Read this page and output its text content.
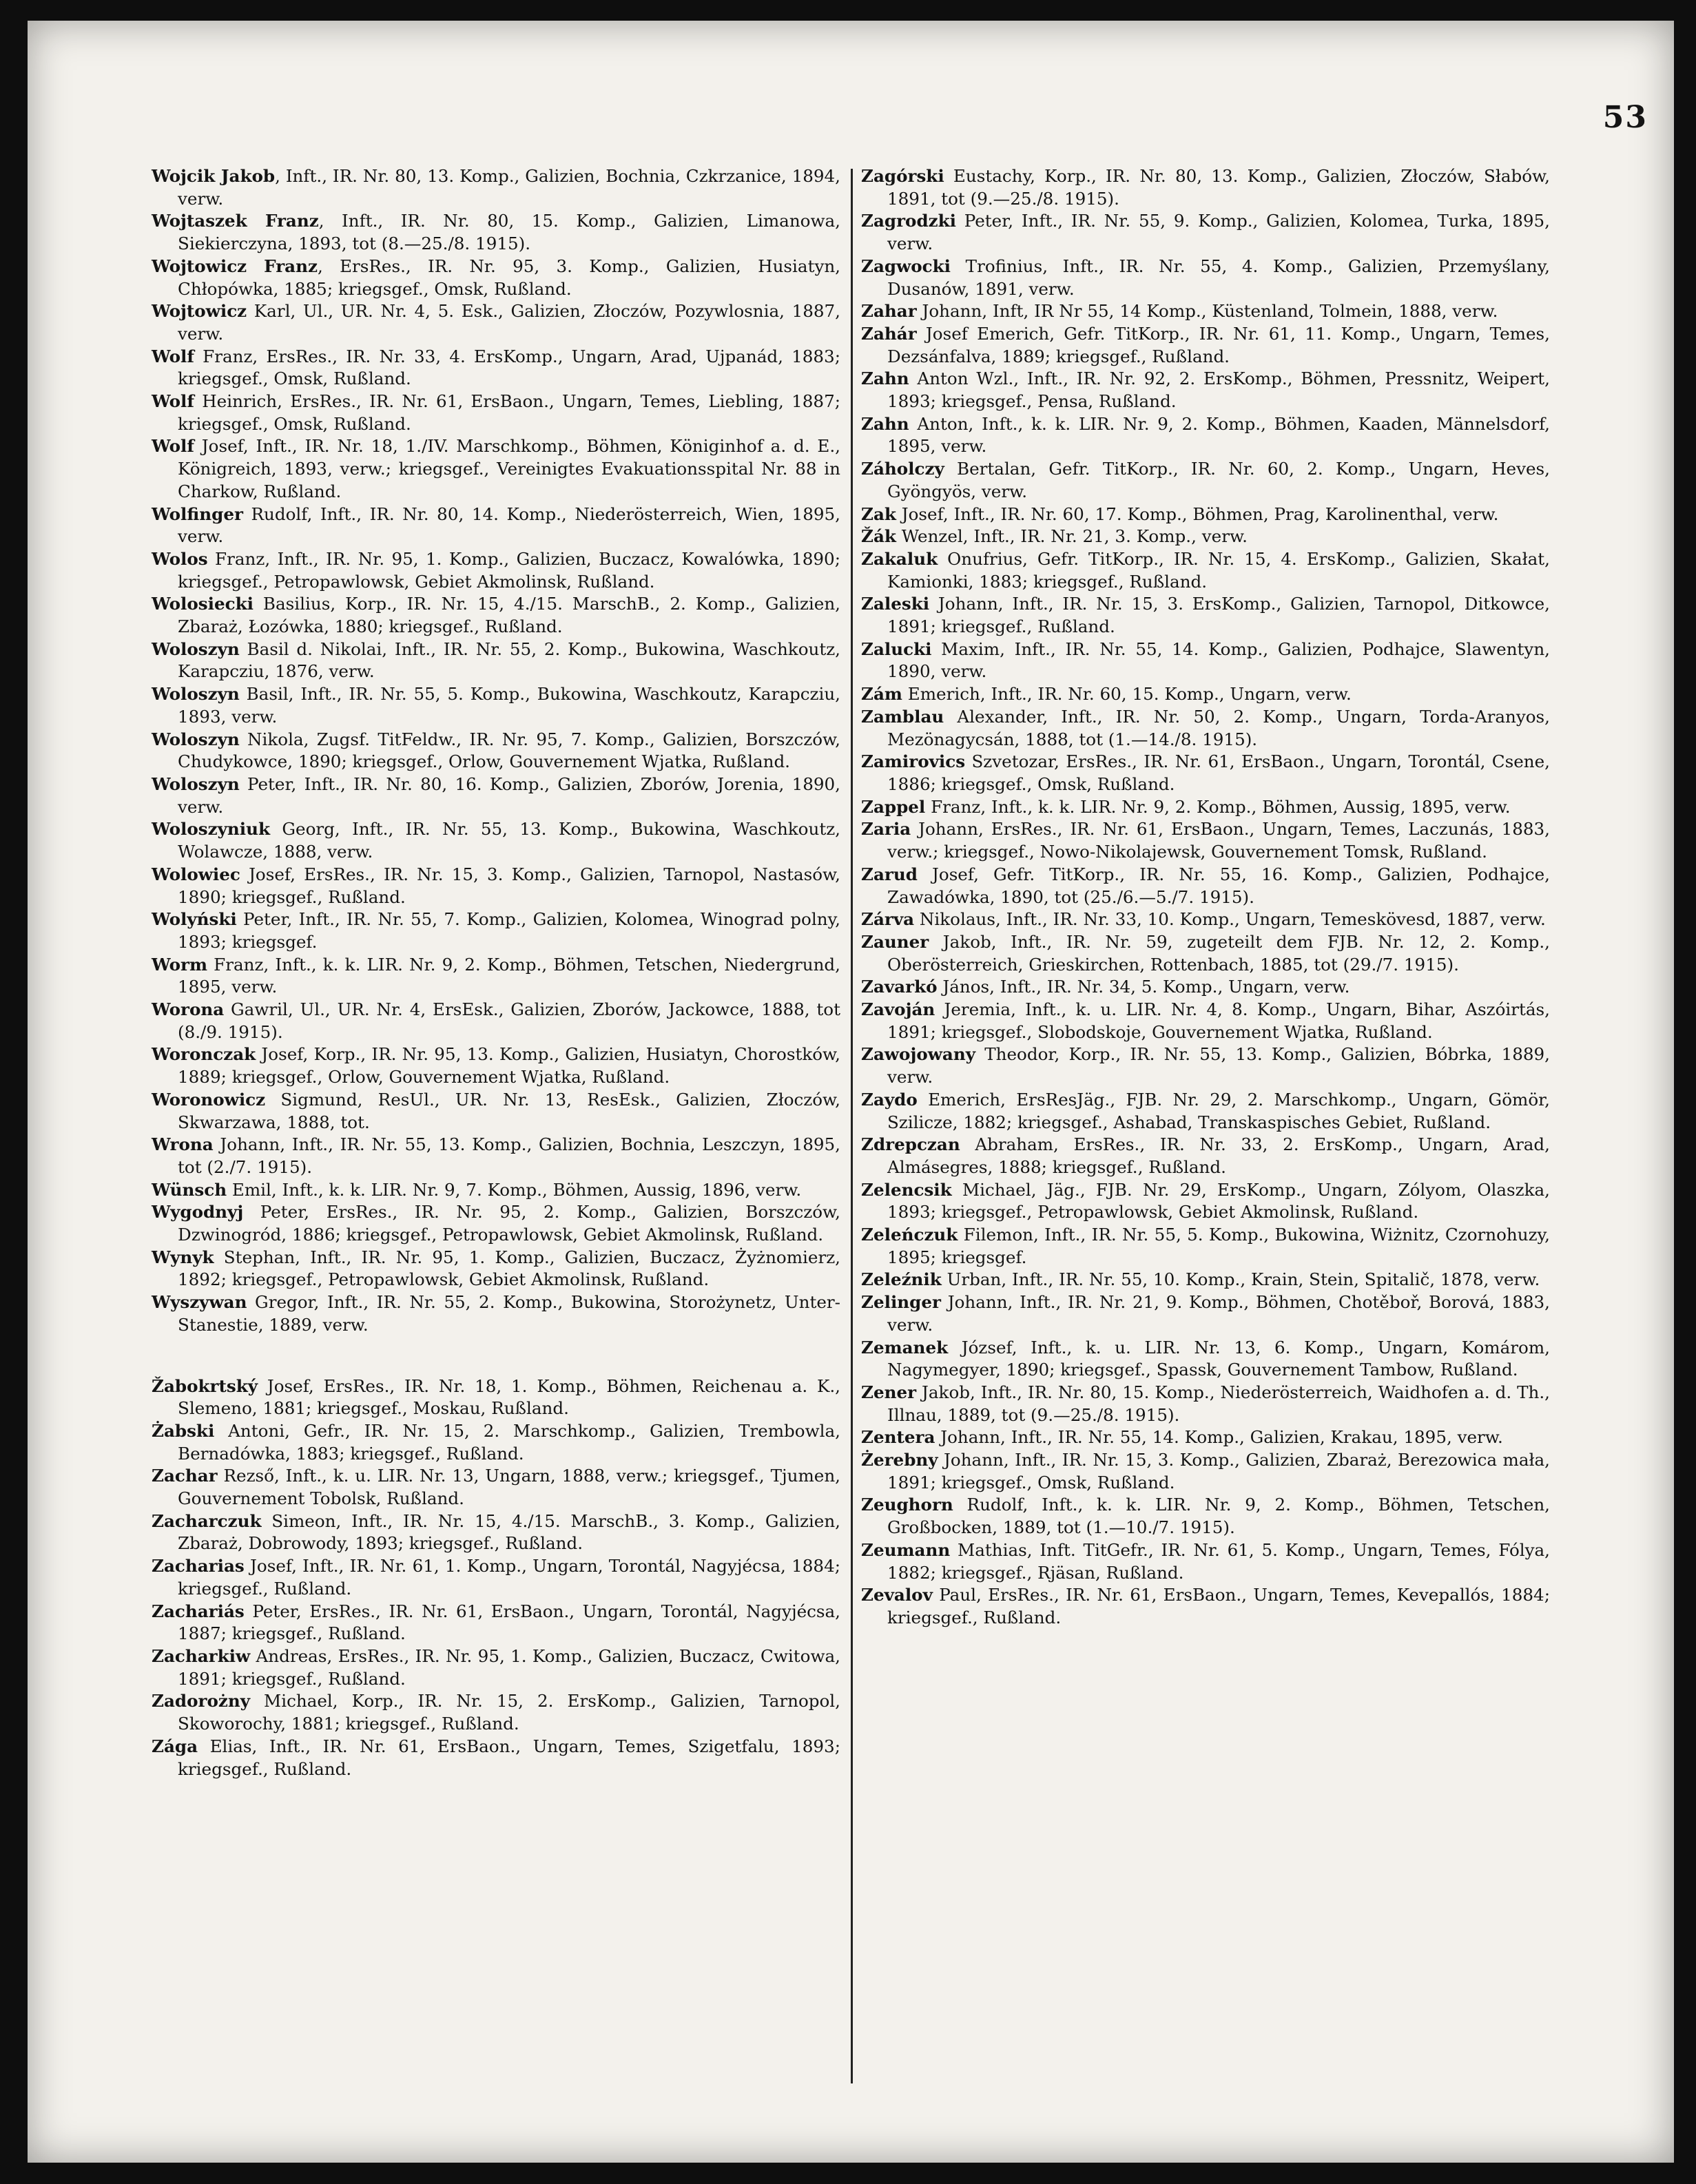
53
Wojcik Jakob, Inft., IR. Nr. 80, 13. Komp., Galizien, Bochnia, Czkrzanice, 1894, verw.
Wojtaszek Franz, Inft., IR. Nr. 80, 15. Komp., Galizien, Limanowa, Siekierczyna, 1893, tot (8.—25./8. 1915).
Wojtowicz Franz, ErsRes., IR. Nr. 95, 3. Komp., Galizien, Husiatyn, Chłopówka, 1885; kriegsgef., Omsk, Rußland.
Wojtowicz Karl, Ul., UR. Nr. 4, 5. Esk., Galizien, Złoczów, Pozywlosnia, 1887, verw.
Wolf Franz, ErsRes., IR. Nr. 33, 4. ErsKomp., Ungarn, Arad, Ujpanád, 1883; kriegsgef., Omsk, Rußland.
Wolf Heinrich, ErsRes., IR. Nr. 61, ErsBaon., Ungarn, Temes, Liebling, 1887; kriegsgef., Omsk, Rußland.
Wolf Josef, Inft., IR. Nr. 18, 1./IV. Marschkomp., Böhmen, Königinhof a. d. E., Königreich, 1893, verw.; kriegsgef., Vereinigtes Evakuationsspital Nr. 88 in Charkow, Rußland.
Wolfinger Rudolf, Inft., IR. Nr. 80, 14. Komp., Niederösterreich, Wien, 1895, verw.
Wolos Franz, Inft., IR. Nr. 95, 1. Komp., Galizien, Buczacz, Kowalówka, 1890; kriegsgef., Petropawlowsk, Gebiet Akmolinsk, Rußland.
Wolosiecki Basilius, Korp., IR. Nr. 15, 4./15. MarschB., 2. Komp., Galizien, Zbaraż, Łozówka, 1880; kriegsgef., Rußland.
Woloszyn Basil d. Nikolai, Inft., IR. Nr. 55, 2. Komp., Bukowina, Waschkoutz, Karapcziu, 1876, verw.
Woloszyn Basil, Inft., IR. Nr. 55, 5. Komp., Bukowina, Waschkoutz, Karapcziu, 1893, verw.
Woloszyn Nikola, Zugsf. TitFeldw., IR. Nr. 95, 7. Komp., Galizien, Borszczów, Chudykowce, 1890; kriegsgef., Orlow, Gouvernement Wjatka, Rußland.
Woloszyn Peter, Inft., IR. Nr. 80, 16. Komp., Galizien, Zborów, Jorenia, 1890, verw.
Woloszyniuk Georg, Inft., IR. Nr. 55, 13. Komp., Bukowina, Waschkoutz, Wolawcze, 1888, verw.
Wolowiec Josef, ErsRes., IR. Nr. 15, 3. Komp., Galizien, Tarnopol, Nastasów, 1890; kriegsgef., Rußland.
Wolyński Peter, Inft., IR. Nr. 55, 7. Komp., Galizien, Kolomea, Winograd polny, 1893; kriegsgef.
Worm Franz, Inft., k. k. LIR. Nr. 9, 2. Komp., Böhmen, Tetschen, Niedergrund, 1895, verw.
Worona Gawril, Ul., UR. Nr. 4, ErsEsk., Galizien, Zborów, Jackowce, 1888, tot (8./9. 1915).
Woronczak Josef, Korp., IR. Nr. 95, 13. Komp., Galizien, Husiatyn, Chorostków, 1889; kriegsgef., Orlow, Gouvernement Wjatka, Rußland.
Woronowicz Sigmund, ResUl., UR. Nr. 13, ResEsk., Galizien, Złoczów, Skwarzawa, 1888, tot.
Wrona Johann, Inft., IR. Nr. 55, 13. Komp., Galizien, Bochnia, Leszczyn, 1895, tot (2./7. 1915).
Wünsch Emil, Inft., k. k. LIR. Nr. 9, 7. Komp., Böhmen, Aussig, 1896, verw.
Wygodnyj Peter, ErsRes., IR. Nr. 95, 2. Komp., Galizien, Borszczów, Dzwinogród, 1886; kriegsgef., Petropawlowsk, Gebiet Akmolinsk, Rußland.
Wynyk Stephan, Inft., IR. Nr. 95, 1. Komp., Galizien, Buczacz, Żyżnomierz, 1892; kriegsgef., Petropawlowsk, Gebiet Akmolinsk, Rußland.
Wyszywan Gregor, Inft., IR. Nr. 55, 2. Komp., Bukowina, Storożynetz, Unter-Stanestie, 1889, verw.
Žabokrtský Josef, ErsRes., IR. Nr. 18, 1. Komp., Böhmen, Reichenau a. K., Slemeno, 1881; kriegsgef., Moskau, Rußland.
Żabski Antoni, Gefr., IR. Nr. 15, 2. Marschkomp., Galizien, Trembowla, Bernadówka, 1883; kriegsgef., Rußland.
Zachar Rezső, Inft., k. u. LIR. Nr. 13, Ungarn, 1888, verw.; kriegsgef., Tjumen, Gouvernement Tobolsk, Rußland.
Zacharczuk Simeon, Inft., IR. Nr. 15, 4./15. MarschB., 3. Komp., Galizien, Zbaraż, Dobrowody, 1893; kriegsgef., Rußland.
Zacharias Josef, Inft., IR. Nr. 61, 1. Komp., Ungarn, Torontál, Nagyjécsa, 1884; kriegsgef., Rußland.
Zachariás Peter, ErsRes., IR. Nr. 61, ErsBaon., Ungarn, Torontál, Nagyjécsa, 1887; kriegsgef., Rußland.
Zacharkiw Andreas, ErsRes., IR. Nr. 95, 1. Komp., Galizien, Buczacz, Cwitowa, 1891; kriegsgef., Rußland.
Zadorożny Michael, Korp., IR. Nr. 15, 2. ErsKomp., Galizien, Tarnopol, Skoworochy, 1881; kriegsgef., Rußland.
Zága Elias, Inft., IR. Nr. 61, ErsBaon., Ungarn, Temes, Szigetfalu, 1893; kriegsgef., Rußland.
Zagórski Eustachy, Korp., IR. Nr. 80, 13. Komp., Galizien, Złoczów, Słabów, 1891, tot (9.—25./8. 1915).
Zagrodzki Peter, Inft., IR. Nr. 55, 9. Komp., Galizien, Kolomea, Turka, 1895, verw.
Zagwocki Trofinius, Inft., IR. Nr. 55, 4. Komp., Galizien, Przemyślany, Dusanów, 1891, verw.
Zahar Johann, Inft, IR Nr 55, 14 Komp., Küstenland, Tolmein, 1888, verw.
Zahár Josef Emerich, Gefr. TitKorp., IR. Nr. 61, 11. Komp., Ungarn, Temes, Dezsánfalva, 1889; kriegsgef., Rußland.
Zahn Anton Wzl., Inft., IR. Nr. 92, 2. ErsKomp., Böhmen, Pressnitz, Weipert, 1893; kriegsgef., Pensa, Rußland.
Zahn Anton, Inft., k. k. LIR. Nr. 9, 2. Komp., Böhmen, Kaaden, Männelsdorf, 1895, verw.
Záholczy Bertalan, Gefr. TitKorp., IR. Nr. 60, 2. Komp., Ungarn, Heves, Gyöngyös, verw.
Zak Josef, Inft., IR. Nr. 60, 17. Komp., Böhmen, Prag, Karolinenthal, verw.
Žák Wenzel, Inft., IR. Nr. 21, 3. Komp., verw.
Zakaluk Onufrius, Gefr. TitKorp., IR. Nr. 15, 4. ErsKomp., Galizien, Skałat, Kamionki, 1883; kriegsgef., Rußland.
Zaleski Johann, Inft., IR. Nr. 15, 3. ErsKomp., Galizien, Tarnopol, Ditkowce, 1891; kriegsgef., Rußland.
Zalucki Maxim, Inft., IR. Nr. 55, 14. Komp., Galizien, Podhajce, Slawentyn, 1890, verw.
Zám Emerich, Inft., IR. Nr. 60, 15. Komp., Ungarn, verw.
Zamblau Alexander, Inft., IR. Nr. 50, 2. Komp., Ungarn, Torda-Aranyos, Mezönagycsán, 1888, tot (1.—14./8. 1915).
Zamirovics Szvetozar, ErsRes., IR. Nr. 61, ErsBaon., Ungarn, Torontál, Csene, 1886; kriegsgef., Omsk, Rußland.
Zappel Franz, Inft., k. k. LIR. Nr. 9, 2. Komp., Böhmen, Aussig, 1895, verw.
Zaria Johann, ErsRes., IR. Nr. 61, ErsBaon., Ungarn, Temes, Laczunás, 1883, verw.; kriegsgef., Nowo-Nikolajewsk, Gouvernement Tomsk, Rußland.
Zarud Josef, Gefr. TitKorp., IR. Nr. 55, 16. Komp., Galizien, Podhajce, Zawadówka, 1890, tot (25./6.—5./7. 1915).
Zárva Nikolaus, Inft., IR. Nr. 33, 10. Komp., Ungarn, Temeskövesd, 1887, verw.
Zauner Jakob, Inft., IR. Nr. 59, zugeteilt dem FJB. Nr. 12, 2. Komp., Oberösterreich, Grieskirchen, Rottenbach, 1885, tot (29./7. 1915).
Zavarkó János, Inft., IR. Nr. 34, 5. Komp., Ungarn, verw.
Zavoján Jeremia, Inft., k. u. LIR. Nr. 4, 8. Komp., Ungarn, Bihar, Aszóirtás, 1891; kriegsgef., Slobodskoje, Gouvernement Wjatka, Rußland.
Zawojowany Theodor, Korp., IR. Nr. 55, 13. Komp., Galizien, Bóbrka, 1889, verw.
Zaydo Emerich, ErsResJäg., FJB. Nr. 29, 2. Marschkomp., Ungarn, Gömör, Szilicze, 1882; kriegsgef., Ashabad, Transkaspisches Gebiet, Rußland.
Zdrepczan Abraham, ErsRes., IR. Nr. 33, 2. ErsKomp., Ungarn, Arad, Almásegres, 1888; kriegsgef., Rußland.
Zelencsik Michael, Jäg., FJB. Nr. 29, ErsKomp., Ungarn, Zólyom, Olaszka, 1893; kriegsgef., Petropawlowsk, Gebiet Akmolinsk, Rußland.
Zeleńczuk Filemon, Inft., IR. Nr. 55, 5. Komp., Bukowina, Wiżnitz, Czornohuzy, 1895; kriegsgef.
Zeleźnik Urban, Inft., IR. Nr. 55, 10. Komp., Krain, Stein, Spitalič, 1878, verw.
Zelinger Johann, Inft., IR. Nr. 21, 9. Komp., Böhmen, Chotěboř, Borová, 1883, verw.
Zemanek József, Inft., k. u. LIR. Nr. 13, 6. Komp., Ungarn, Komárom, Nagymegyer, 1890; kriegsgef., Spassk, Gouvernement Tambow, Rußland.
Zener Jakob, Inft., IR. Nr. 80, 15. Komp., Niederösterreich, Waidhofen a. d. Th., Illnau, 1889, tot (9.—25./8. 1915).
Zentera Johann, Inft., IR. Nr. 55, 14. Komp., Galizien, Krakau, 1895, verw.
Żerebny Johann, Inft., IR. Nr. 15, 3. Komp., Galizien, Zbaraż, Berezowica mała, 1891; kriegsgef., Omsk, Rußland.
Zeughorn Rudolf, Inft., k. k. LIR. Nr. 9, 2. Komp., Böhmen, Tetschen, Großbocken, 1889, tot (1.—10./7. 1915).
Zeumann Mathias, Inft. TitGefr., IR. Nr. 61, 5. Komp., Ungarn, Temes, Fólya, 1882; kriegsgef., Rjäsan, Rußland.
Zevalov Paul, ErsRes., IR. Nr. 61, ErsBaon., Ungarn, Temes, Kevepallós, 1884; kriegsgef., Rußland.
